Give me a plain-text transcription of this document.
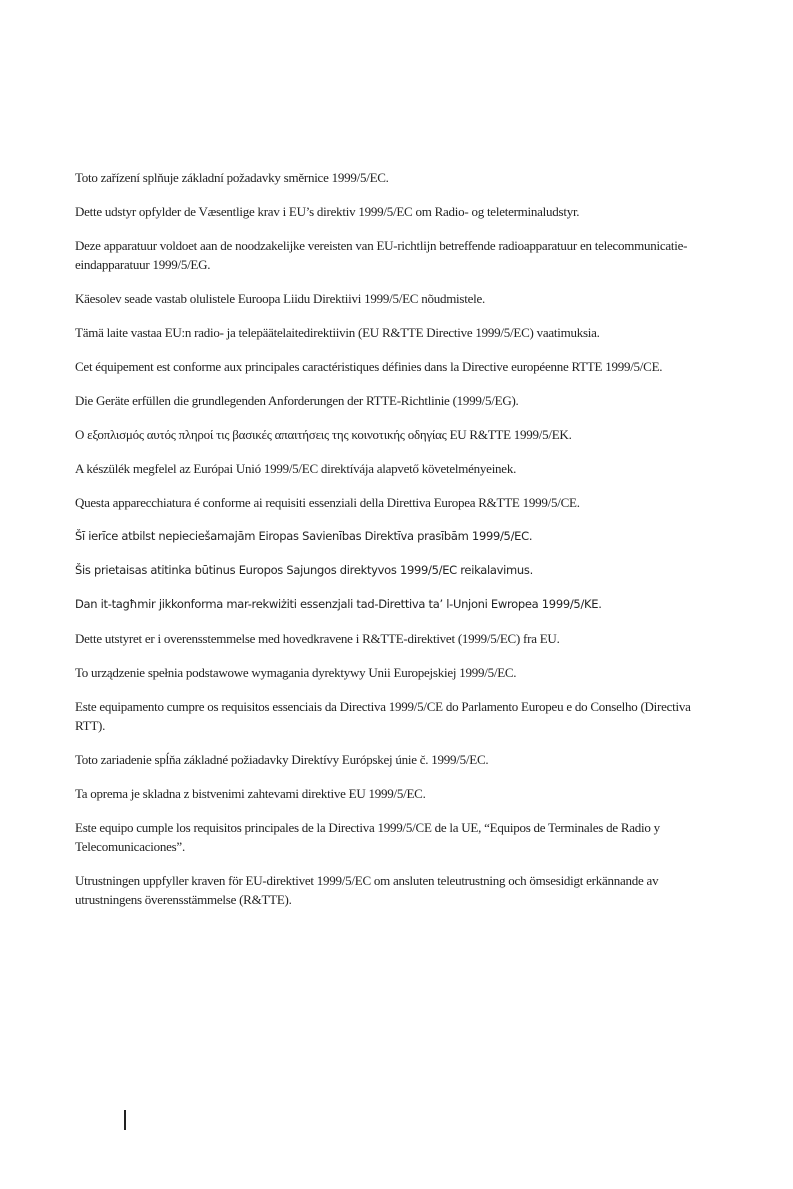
Toto zařízení splňuje základní požadavky směrnice 1999/5/EC.

Dette udstyr opfylder de Væsentlige krav i EU’s direktiv 1999/5/EC om Radio- og teleterminaludstyr.

Deze apparatuur voldoet aan de noodzakelijke vereisten van EU-richtlijn betreffende radioapparatuur en telecommunicatie-eindapparatuur 1999/5/EG.

Käesolev seade vastab olulistele Euroopa Liidu Direktiivi 1999/5/EC nõudmistele.

Tämä laite vastaa EU:n radio- ja telepäätelaitedirektiivin (EU R&TTE Directive 1999/5/EC) vaatimuksia.

Cet équipement est conforme aux principales caractéristiques définies dans la Directive européenne RTTE 1999/5/CE.

Die Geräte erfüllen die grundlegenden Anforderungen der RTTE-Richtlinie (1999/5/EG).

Ο εξοπλισμός αυτός πληροί τις βασικές απαιτήσεις της κοινοτικής οδηγίας EU R&TTE 1999/5/EK.

A készülék megfelel az Európai Unió 1999/5/EC direktívája alapvető követelményeinek.

Questa apparecchiatura é conforme ai requisiti essenziali della Direttiva Europea R&TTE 1999/5/CE.

Šī ierīce atbilst nepieciešamajām Eiropas Savienības Direktīva prasībām 1999/5/EC.

Šis prietaisas atitinka būtinus Europos Sajungos direktyvos 1999/5/EC reikalavimus.

Dan it-tagħmir jikkonforma mar-rekwiżiti essenzjali tad-Direttiva ta’ l-Unjoni Ewropea 1999/5/KE.

Dette utstyret er i overensstemmelse med hovedkravene i R&TTE-direktivet (1999/5/EC) fra EU.

To urządzenie spełnia podstawowe wymagania dyrektywy Unii Europejskiej 1999/5/EC.

Este equipamento cumpre os requisitos essenciais da Directiva 1999/5/CE do Parlamento Europeu e do Conselho (Directiva RTT).

Toto zariadenie spĺňa základné požiadavky Direktívy Európskej únie č. 1999/5/EC.

Ta oprema je skladna z bistvenimi zahtevami direktive EU 1999/5/EC.

Este equipo cumple los requisitos principales de la Directiva 1999/5/CE de la UE, “Equipos de Terminales de Radio y Telecomunicaciones”.

Utrustningen uppfyller kraven för EU-direktivet 1999/5/EC om ansluten teleutrustning och ömsesidigt erkännande av utrustningens överensstämmelse (R&TTE).
